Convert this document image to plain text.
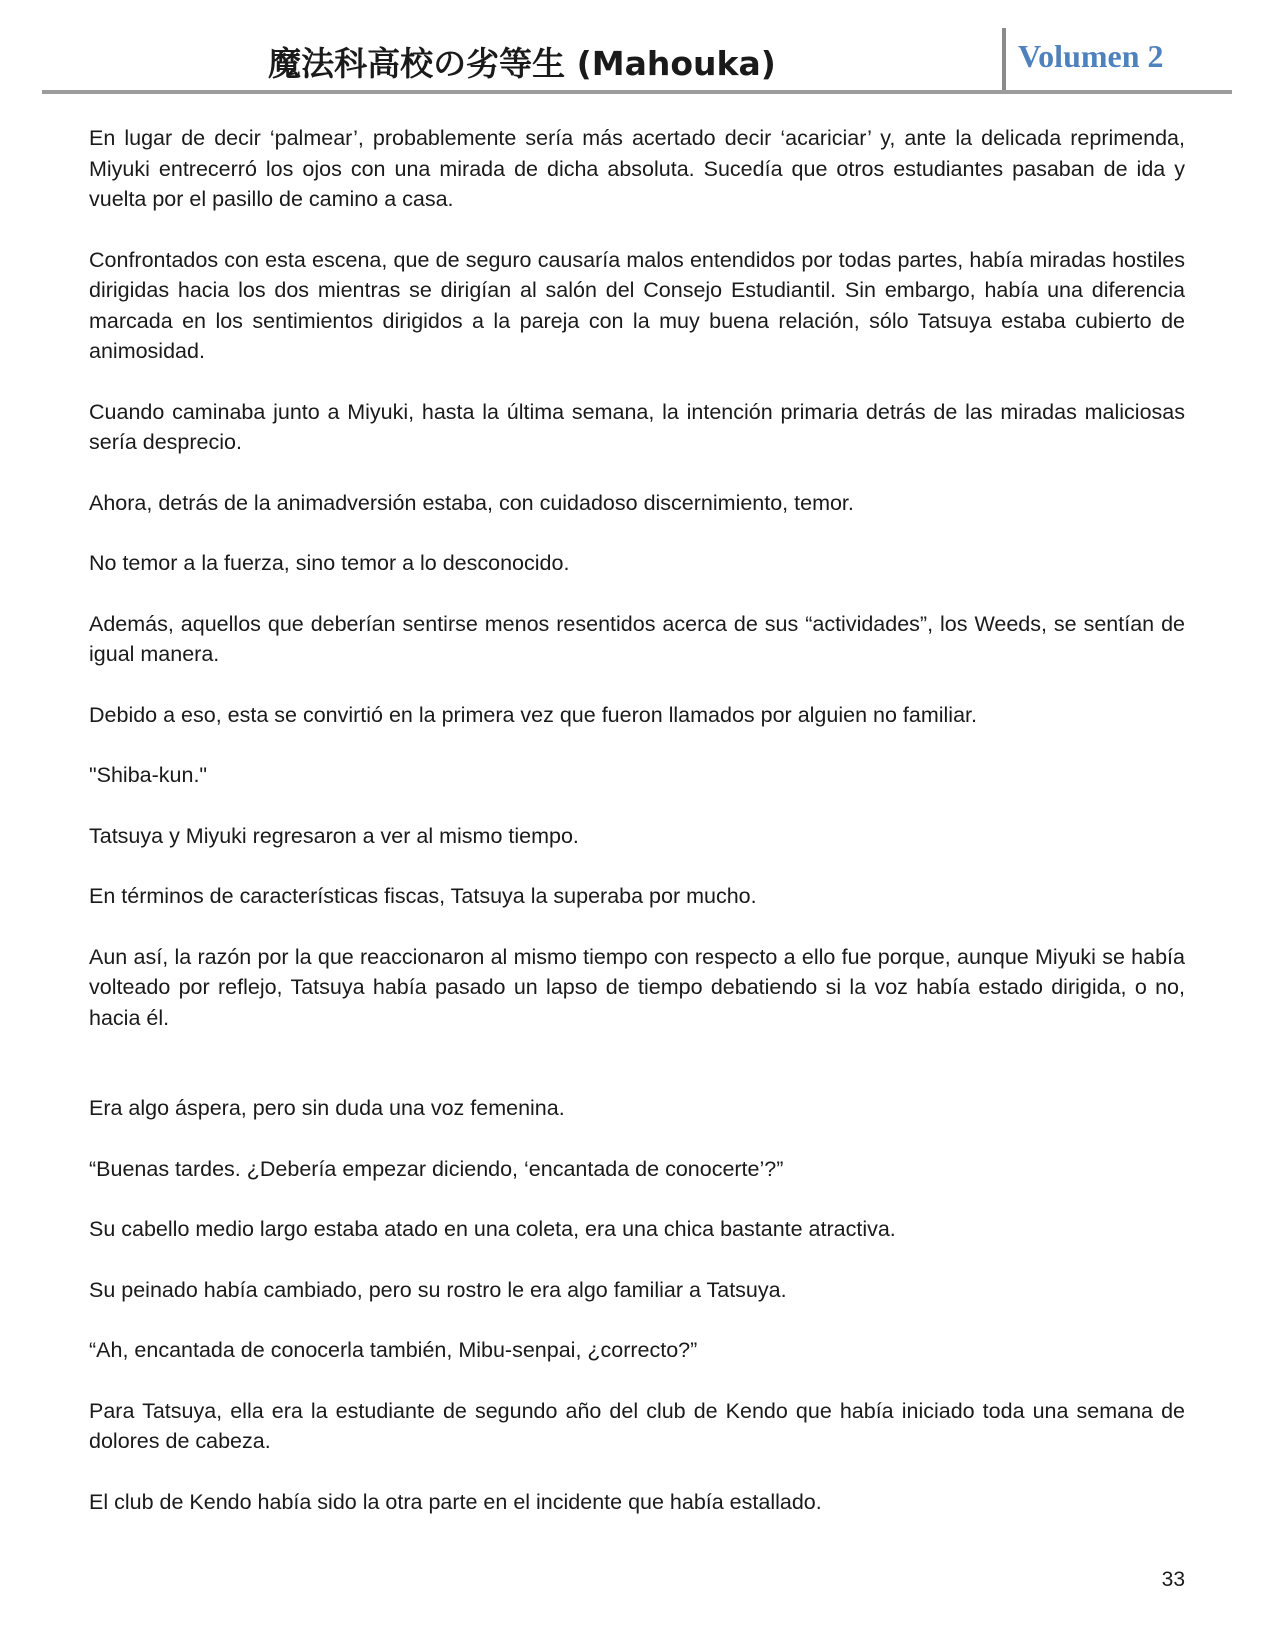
魔法科高校の劣等生 (Mahouka)	Volumen 2

En lugar de decir ‘palmear’, probablemente sería más acertado decir ‘acariciar’ y, ante la delicada reprimenda, Miyuki entrecerró los ojos con una mirada de dicha absoluta. Sucedía que otros estudiantes pasaban de ida y vuelta por el pasillo de camino a casa.

Confrontados con esta escena, que de seguro causaría malos entendidos por todas partes, había miradas hostiles dirigidas hacia los dos mientras se dirigían al salón del Consejo Estudiantil. Sin embargo, había una diferencia marcada en los sentimientos dirigidos a la pareja con la muy buena relación, sólo Tatsuya estaba cubierto de animosidad.

Cuando caminaba junto a Miyuki, hasta la última semana, la intención primaria detrás de las miradas maliciosas sería desprecio.

Ahora, detrás de la animadversión estaba, con cuidadoso discernimiento, temor.

No temor a la fuerza, sino temor a lo desconocido.

Además, aquellos que deberían sentirse menos resentidos acerca de sus “actividades”, los Weeds, se sentían de igual manera.

Debido a eso, esta se convirtió en la primera vez que fueron llamados por alguien no familiar.

"Shiba-kun."

Tatsuya y Miyuki regresaron a ver al mismo tiempo.

En términos de características fiscas, Tatsuya la superaba por mucho.

Aun así, la razón por la que reaccionaron al mismo tiempo con respecto a ello fue porque, aunque Miyuki se había volteado por reflejo, Tatsuya había pasado un lapso de tiempo debatiendo si la voz había estado dirigida, o no, hacia él.

Era algo áspera, pero sin duda una voz femenina.

“Buenas tardes. ¿Debería empezar diciendo, ‘encantada de conocerte’?”

Su cabello medio largo estaba atado en una coleta, era una chica bastante atractiva.

Su peinado había cambiado, pero su rostro le era algo familiar a Tatsuya.

“Ah, encantada de conocerla también, Mibu-senpai, ¿correcto?”

Para Tatsuya, ella era la estudiante de segundo año del club de Kendo que había iniciado toda una semana de dolores de cabeza.

El club de Kendo había sido la otra parte en el incidente que había estallado.

33
